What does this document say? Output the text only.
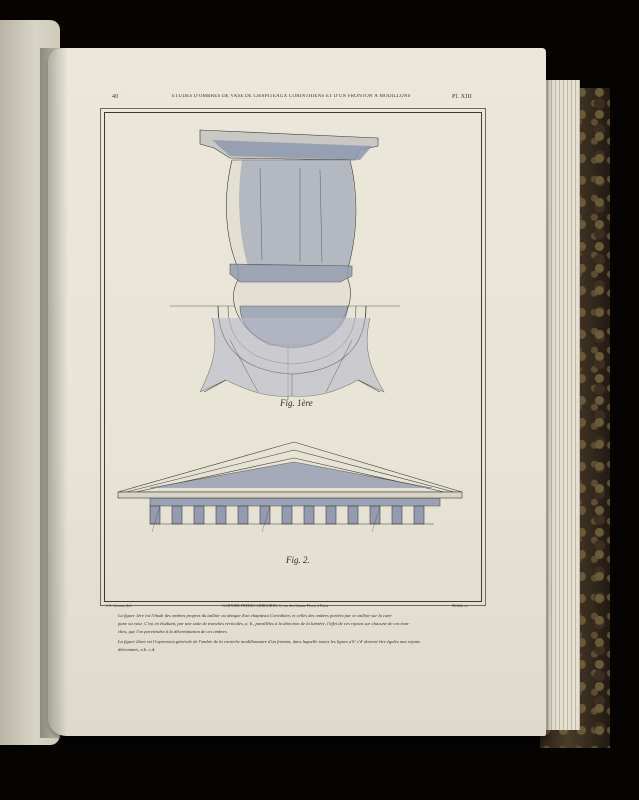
40	ÉTUDES D'OMBRES DE VASE DE CHAPITEAUX CORINTHIENS ET D'UN FRONTON À MODILLONS	Pl. XIII
Fig. 1ère
Fig. 2.
J.A. Leroux del.	GARNIER FRERES LIBRAIRES, 6, rue des Saints-Pères, à Paris	Delisle sc.
La figure 1ère est l'étude des ombres propres du tailloir ou abaque d'un chapiteau Corinthien, et celles des ombres portées par ce tailloir sur la cam-
pane ou vase. C'est en étudiant, par une suite de tranches verticales, a. b., parallèles à la direction de la lumière, l'effet de ces rayons sur chacune de ces tran-
ches, que l'on parviendra à la détermination de ces ombres.
La figure 2ème est l'expression générale de l'ombre de la corniche modillonnaire d'un fronton, dans laquelle toutes les lignes a'b' c'd' doivent être égales aux rayons
déterminés, a.b. c.d.
